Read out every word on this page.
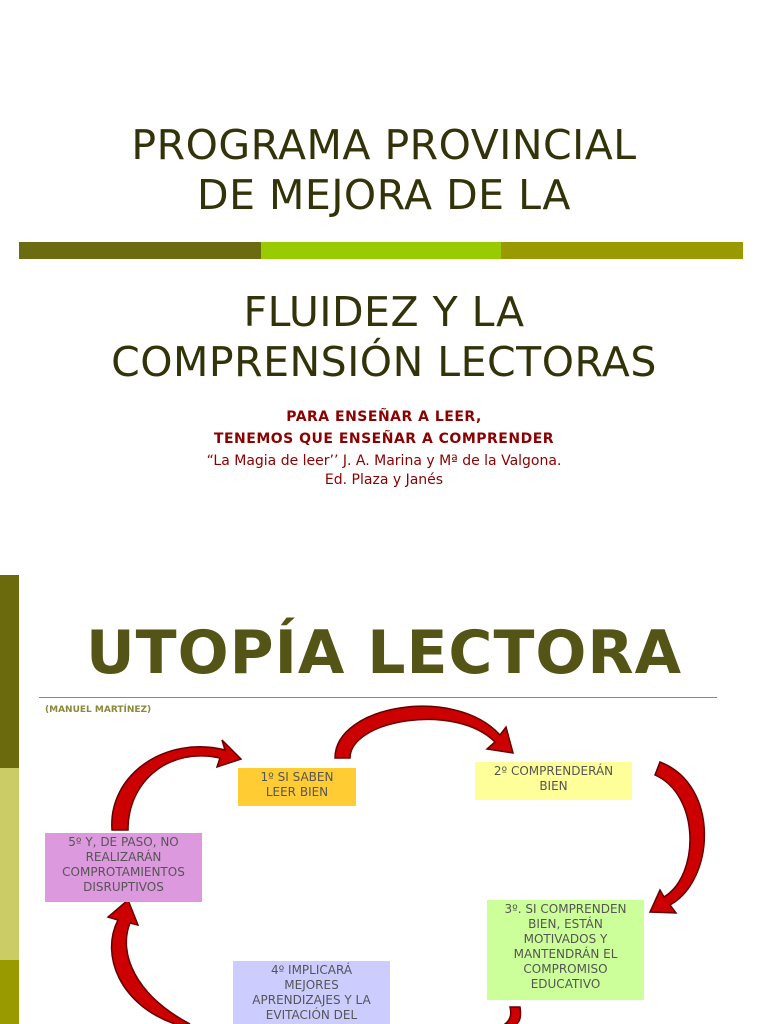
PROGRAMA PROVINCIAL
DE MEJORA DE LA
FLUIDEZ Y LA
COMPRENSIÓN LECTORAS
PARA ENSEÑAR A LEER,
TENEMOS QUE ENSEÑAR A COMPRENDER
“La Magia de leer’’ J. A. Marina y Mª de la Valgona.
Ed. Plaza y Janés
UTOPÍA LECTORA
(MANUEL MARTÍNEZ)
1º SI SABEN
LEER BIEN
2º COMPRENDERÁN
BIEN
5º Y, DE PASO, NO
REALIZARÁN
COMPROTAMIENTOS
DISRUPTIVOS
3º. SI COMPRENDEN
BIEN, ESTÁN
MOTIVADOS Y
MANTENDRÁN EL
COMPROMISO
EDUCATIVO
4º IMPLICARÁ
MEJORES
APRENDIZAJES Y LA
EVITACIÓN DEL
